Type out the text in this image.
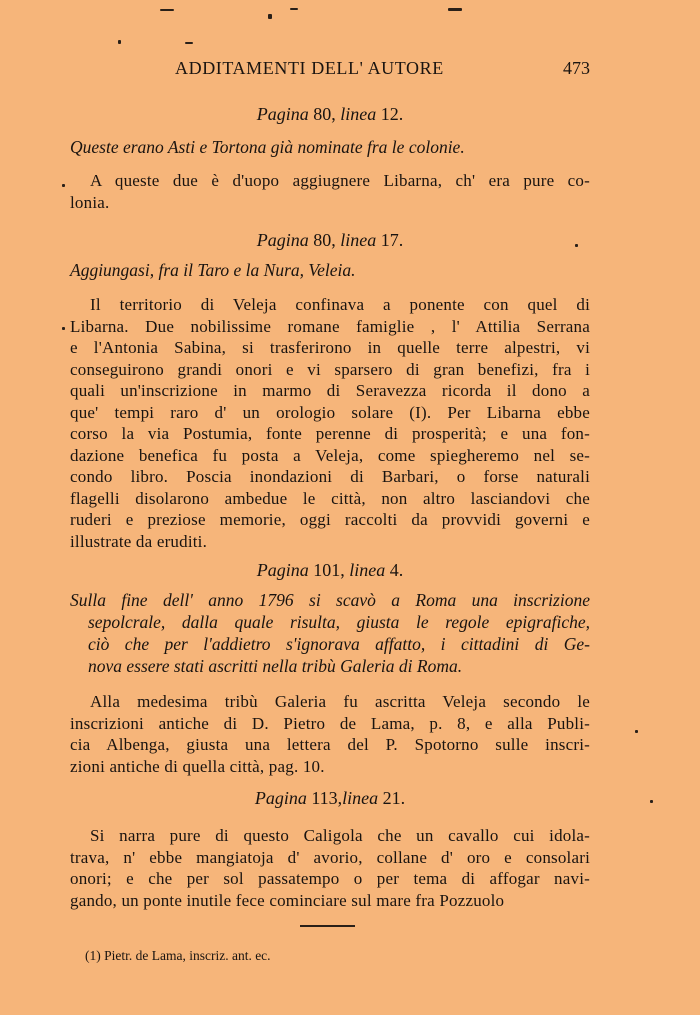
ADDITAMENTI DELL' AUTORE	473
Pagina 80, linea 12.
Queste erano Asti e Tortona già nominate fra le colonie.
A queste due è d'uopo aggiugnere Libarna, ch' era pure co-
lonia.
Pagina 80, linea 17.
Aggiungasi, fra il Taro e la Nura, Veleia.
Il territorio di Veleja confinava a ponente con quel di
Libarna. Due nobilissime romane famiglie , l' Attilia Serrana
e l'Antonia Sabina, si trasferirono in quelle terre alpestri, vi
conseguirono grandi onori e vi sparsero di gran benefizi, fra i
quali un'inscrizione in marmo di Seravezza ricorda il dono a
que' tempi raro d' un orologio solare (I). Per Libarna ebbe
corso la via Postumia, fonte perenne di prosperità; e una fon-
dazione benefica fu posta a Veleja, come spiegheremo nel se-
condo libro. Poscia inondazioni di Barbari, o forse naturali
flagelli disolarono ambedue le città, non altro lasciandovi che
ruderi e preziose memorie, oggi raccolti da provvidi governi e
illustrate da eruditi.
Pagina 101, linea 4.
Sulla fine dell' anno 1796 si scavò a Roma una inscrizione
sepolcrale, dalla quale risulta, giusta le regole epigrafiche,
ciò che per l'addietro s'ignorava affatto, i cittadini di Ge-
nova essere stati ascritti nella tribù Galeria di Roma.
Alla medesima tribù Galeria fu ascritta Veleja secondo le
inscrizioni antiche di D. Pietro de Lama, p. 8, e alla Publi-
cia Albenga, giusta una lettera del P. Spotorno sulle inscri-
zioni antiche di quella città, pag. 10.
Pagina 113,linea 21.
Si narra pure di questo Caligola che un cavallo cui idola-
trava, n' ebbe mangiatoja d' avorio, collane d' oro e consolari
onori; e che per sol passatempo o per tema di affogar navi-
gando, un ponte inutile fece cominciare sul mare fra Pozzuolo
(1) Pietr. de Lama, inscriz. ant. ec.
